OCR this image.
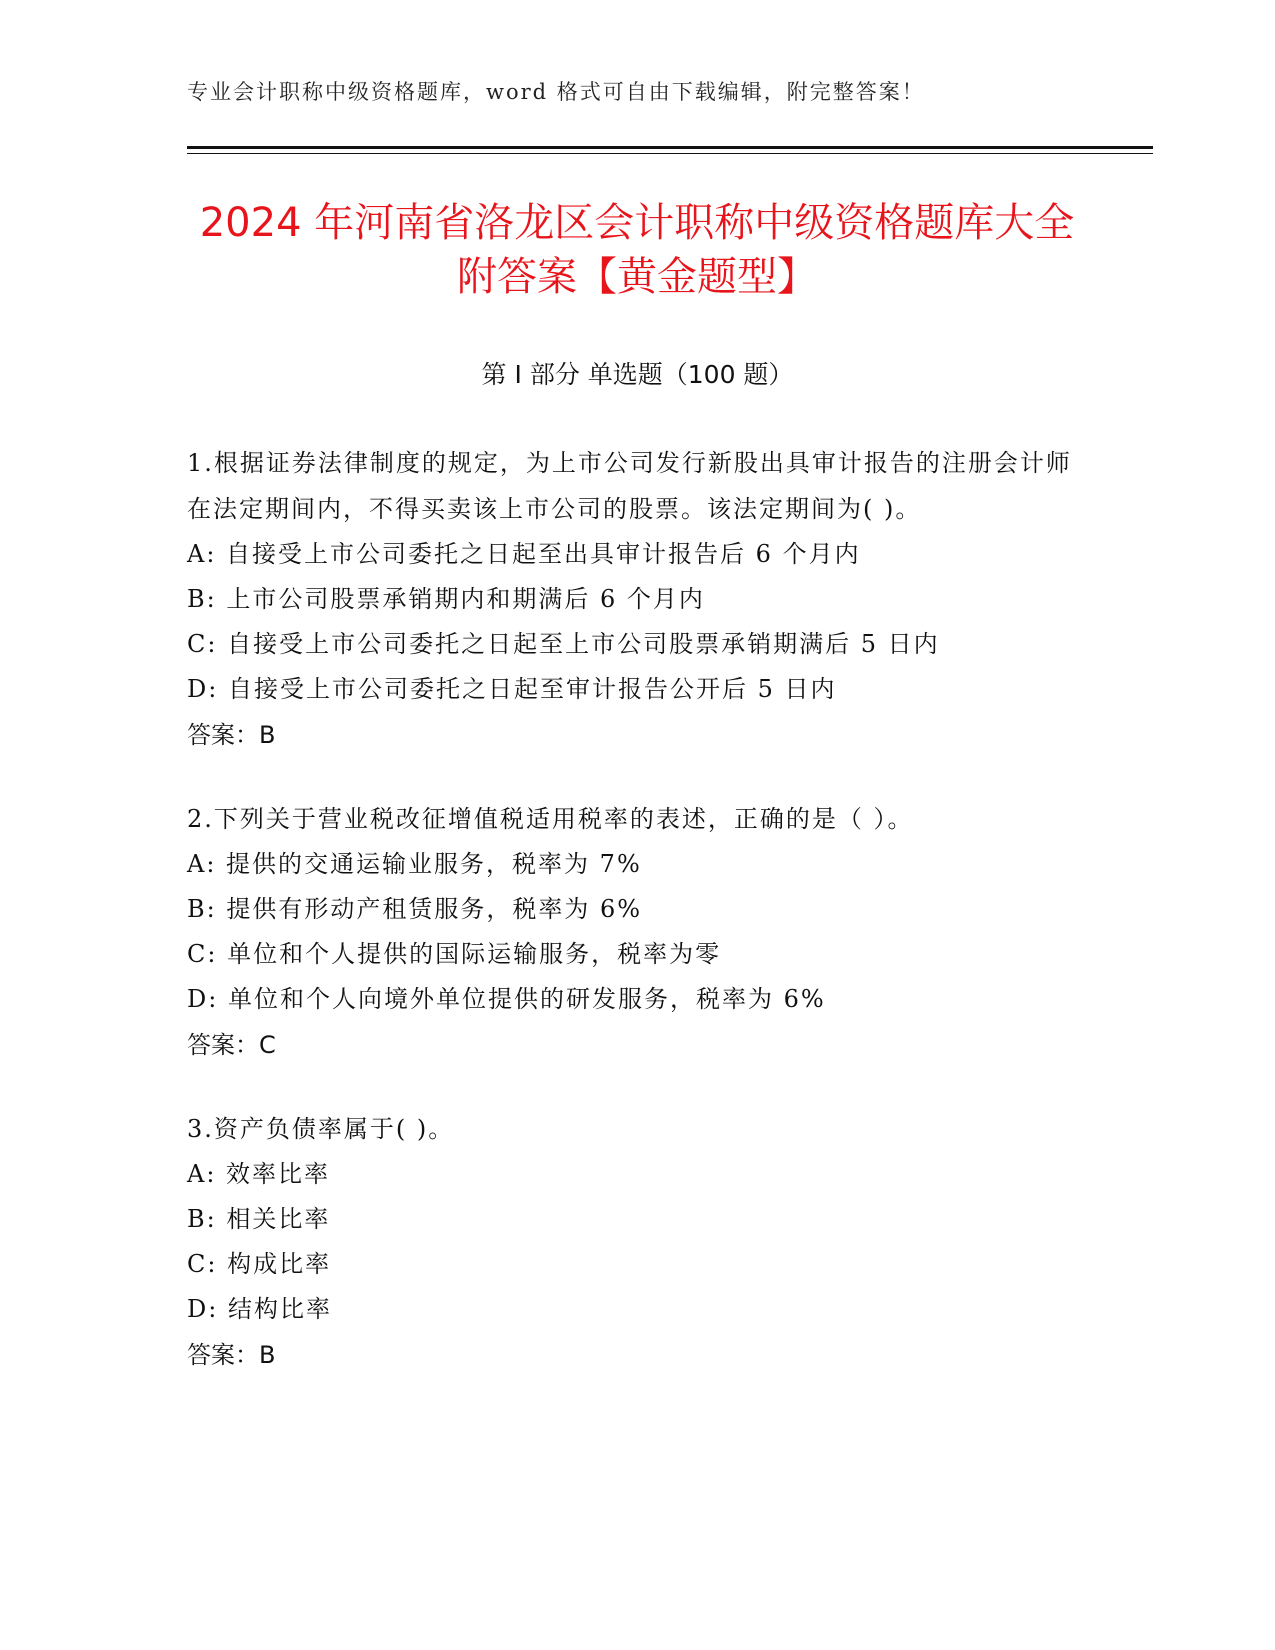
专业会计职称中级资格题库，word 格式可自由下载编辑，附完整答案！
2024 年河南省洛龙区会计职称中级资格题库大全附答案【黄金题型】
第 I 部分 单选题（100 题）

1.根据证券法律制度的规定，为上市公司发行新股出具审计报告的注册会计师在法定期间内，不得买卖该上市公司的股票。该法定期间为( )。

A: 自接受上市公司委托之日起至出具审计报告后 6 个月内

B: 上市公司股票承销期内和期满后 6 个月内

C: 自接受上市公司委托之日起至上市公司股票承销期满后 5 日内

D: 自接受上市公司委托之日起至审计报告公开后 5 日内

答案：B

2.下列关于营业税改征增值税适用税率的表述，正确的是（ ）。

A: 提供的交通运输业服务，税率为 7%

B: 提供有形动产租赁服务，税率为 6%

C: 单位和个人提供的国际运输服务，税率为零

D: 单位和个人向境外单位提供的研发服务，税率为 6%

答案：C

3.资产负债率属于( )。

A: 效率比率

B: 相关比率

C: 构成比率

D: 结构比率

答案：B
